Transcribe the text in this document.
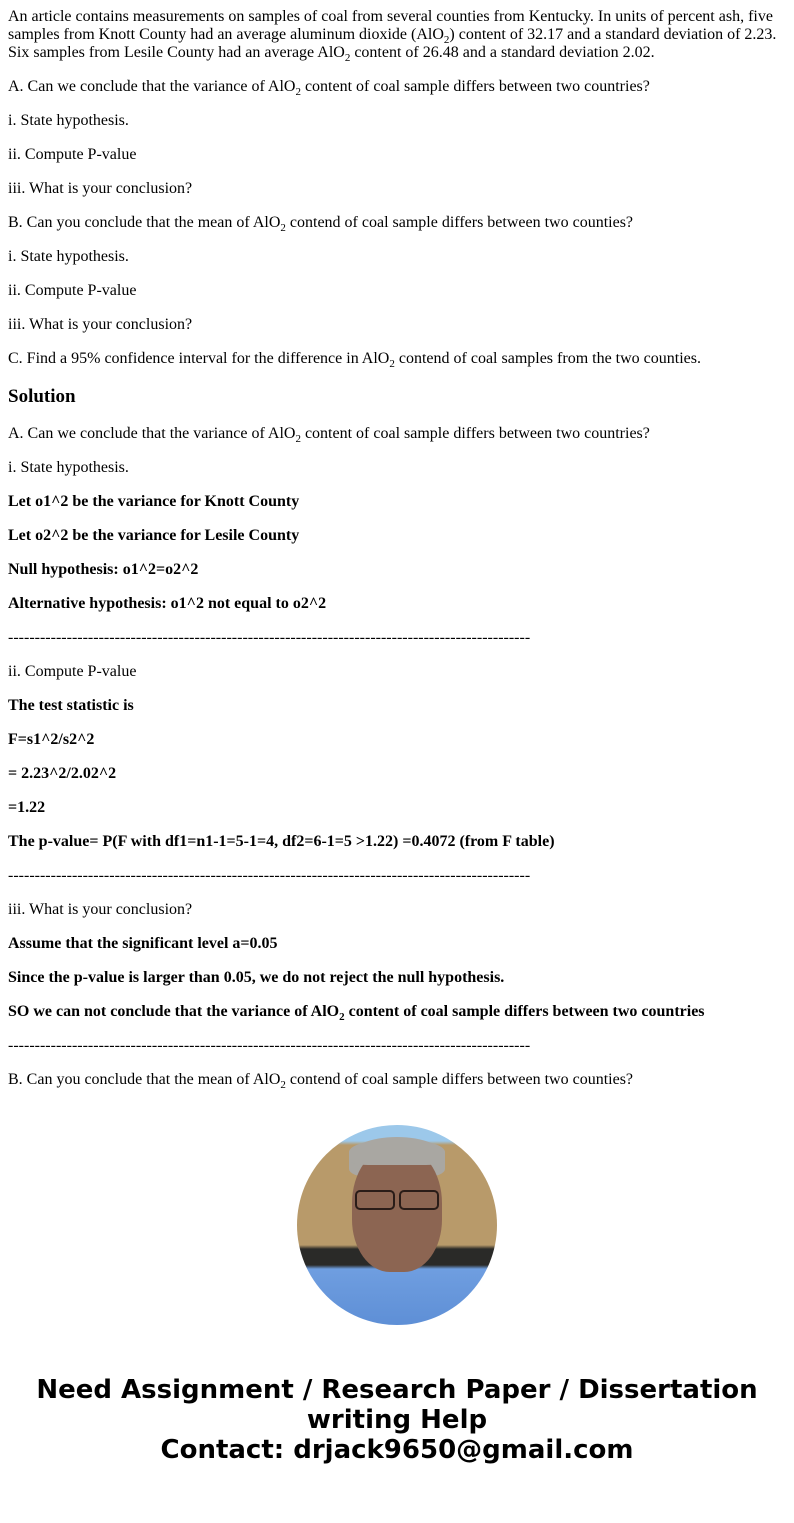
An article contains measurements on samples of coal from several counties from Kentucky. In units of percent ash, five samples from Knott County had an average aluminum dioxide (AlO$_2$) content of 32.17 and a standard deviation of 2.23. Six samples from Lesile County had an average AlO$_2$ content of 26.48 and a standard deviation 2.02.

A. Can we conclude that the variance of AlO$_2$ content of coal sample differs between two countries?

i. State hypothesis.

ii. Compute P-value

iii. What is your conclusion?

B. Can you conclude that the mean of AlO$_2$ contend of coal sample differs between two counties?

i. State hypothesis.

ii. Compute P-value

iii. What is your conclusion?

C. Find a 95% confidence interval for the difference in AlO$_2$ contend of coal samples from the two counties.

Solution

A. Can we conclude that the variance of AlO$_2$ content of coal sample differs between two countries?

i. State hypothesis.

Let o1^2 be the variance for Knott County

Let o2^2 be the variance for Lesile County

Null hypothesis: o1^2=o2^2

Alternative hypothesis: o1^2 not equal to o2^2

--------------------------------------------------------------------------------------------------

ii. Compute P-value

The test statistic is

F=s1^2/s2^2

= 2.23^2/2.02^2

=1.22

The p-value= P(F with df1=n1-1=5-1=4, df2=6-1=5 >1.22) =0.4072 (from F table)

--------------------------------------------------------------------------------------------------

iii. What is your conclusion?

Assume that the significant level a=0.05

Since the p-value is larger than 0.05, we do not reject the null hypothesis.

SO we can not conclude that the variance of AlO$_2$ content of coal sample differs between two countries

--------------------------------------------------------------------------------------------------

B. Can you conclude that the mean of AlO$_2$ contend of coal sample differs between two counties?

Need Assignment / Research Paper / Dissertation writing Help
Contact: drjack9650@gmail.com
